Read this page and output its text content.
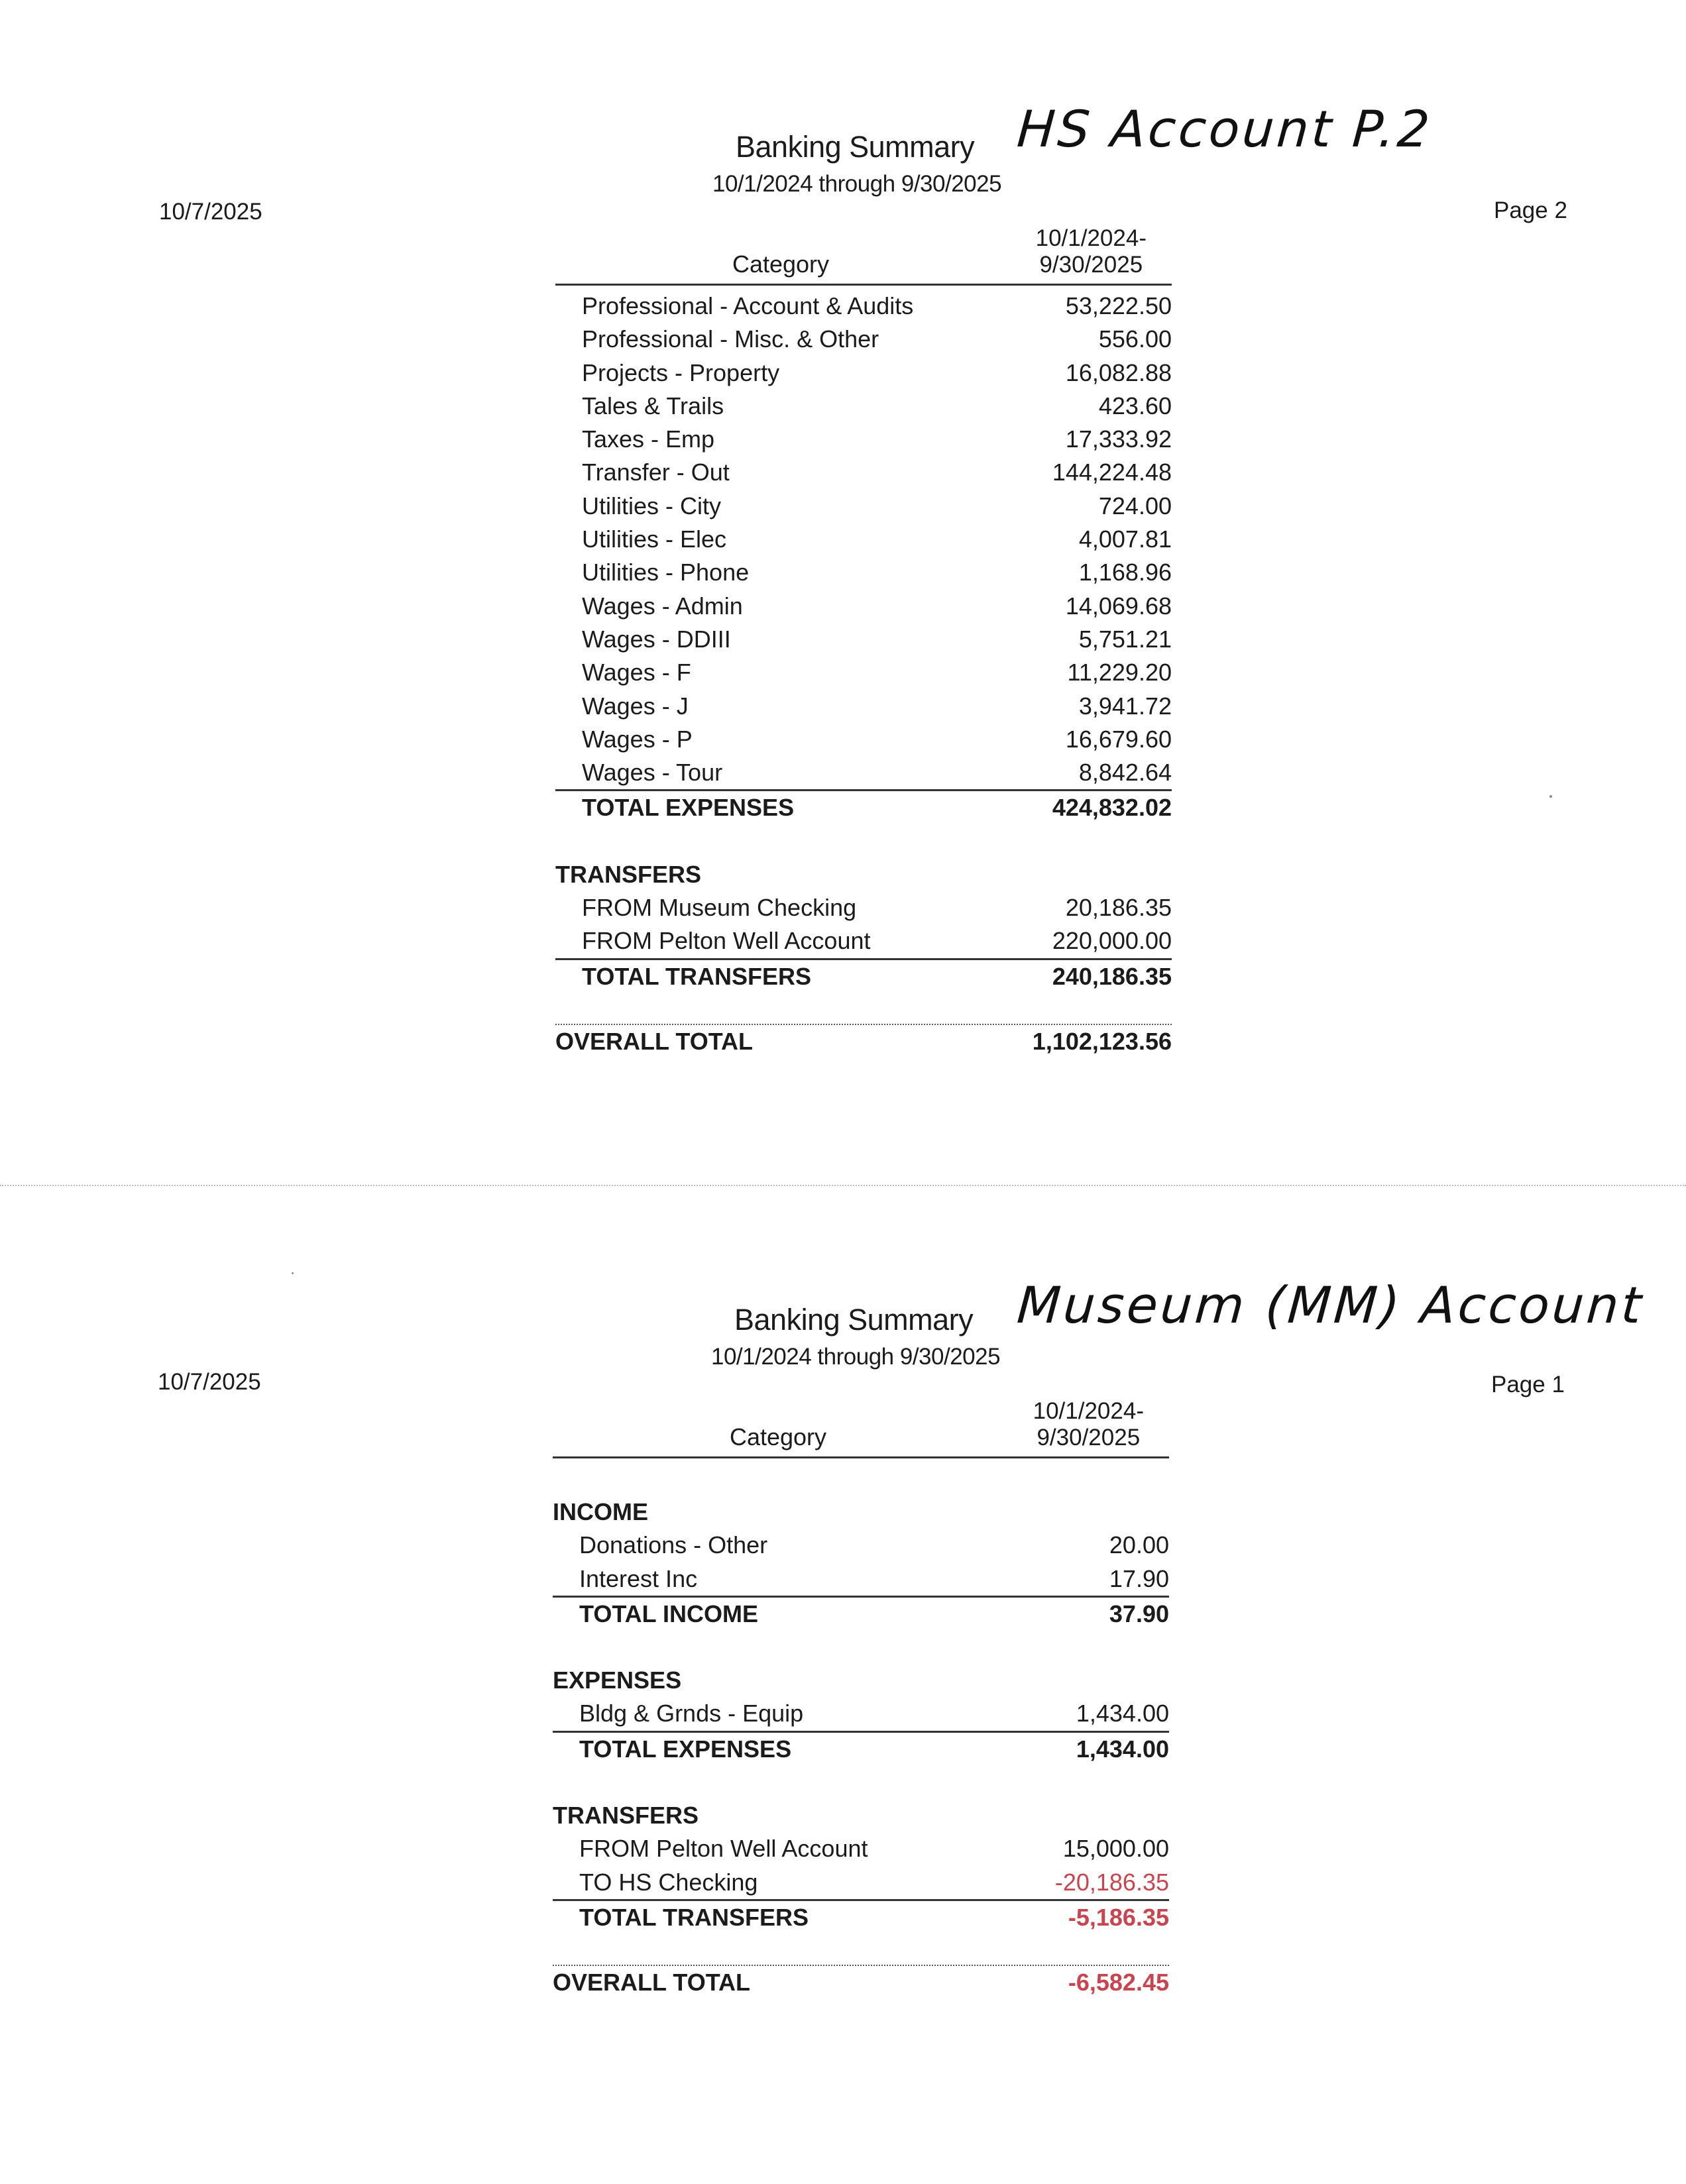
Banking Summary HS Account P.2
10/1/2024 through 9/30/2025
10/7/2025	Page 2
Category
10/1/2024-
9/30/2025
Professional - Account & Audits	53,222.50
Professional - Misc. & Other	556.00
Projects - Property	16,082.88
Tales & Trails	423.60
Taxes - Emp	17,333.92
Transfer - Out	144,224.48
Utilities - City	724.00
Utilities - Elec	4,007.81
Utilities - Phone	1,168.96
Wages - Admin	14,069.68
Wages - DDIII	5,751.21
Wages - F	11,229.20
Wages - J	3,941.72
Wages - P	16,679.60
Wages - Tour	8,842.64
TOTAL EXPENSES	424,832.02
TRANSFERS
FROM Museum Checking	20,186.35
FROM Pelton Well Account	220,000.00
TOTAL TRANSFERS	240,186.35
OVERALL TOTAL	1,102,123.56
Banking Summary Museum (MM) Account
10/1/2024 through 9/30/2025
10/7/2025	Page 1
Category
10/1/2024-
9/30/2025
INCOME
Donations - Other	20.00
Interest Inc	17.90
TOTAL INCOME	37.90
EXPENSES
Bldg & Grnds - Equip	1,434.00
TOTAL EXPENSES	1,434.00
TRANSFERS
FROM Pelton Well Account	15,000.00
TO HS Checking	-20,186.35
TOTAL TRANSFERS	-5,186.35
OVERALL TOTAL	-6,582.45
